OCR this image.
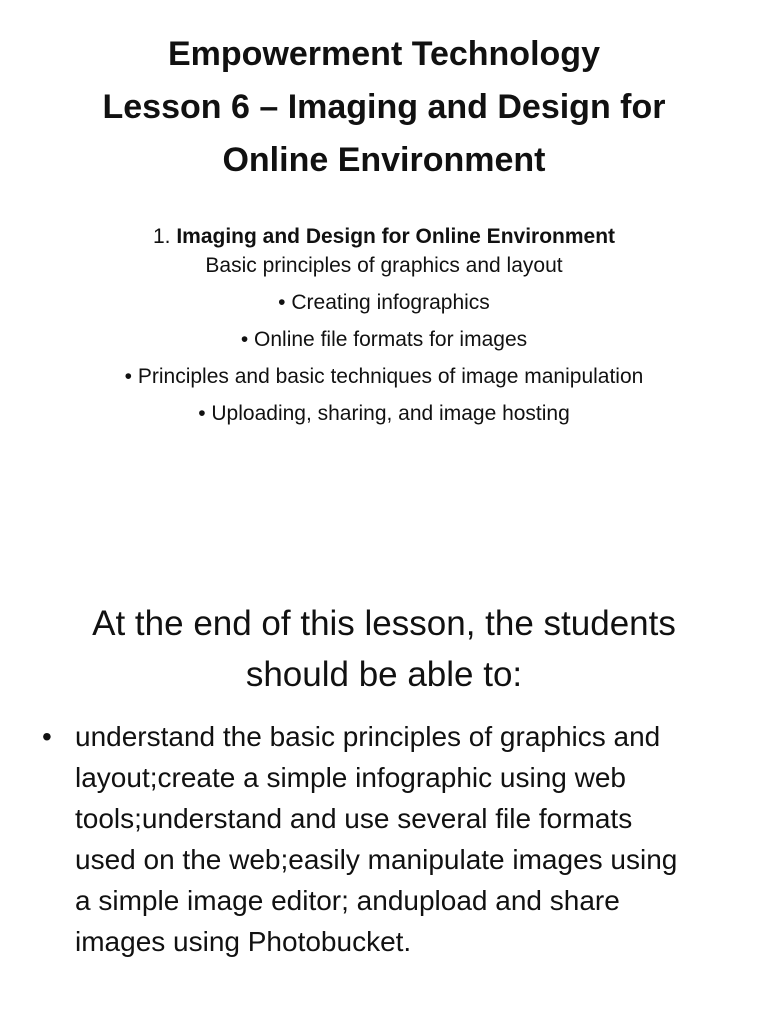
Empowerment Technology
Lesson 6 – Imaging and Design for
Online Environment

1. Imaging and Design for Online Environment

Basic principles of graphics and layout

• Creating infographics

• Online file formats for images

• Principles and basic techniques of image manipulation

• Uploading, sharing, and image hosting

At the end of this lesson, the students should be able to:
• understand the basic principles of graphics and layout;create a simple infographic using web tools;understand and use several file formats used on the web;easily manipulate images using a simple image editor; andupload and share images using Photobucket.
